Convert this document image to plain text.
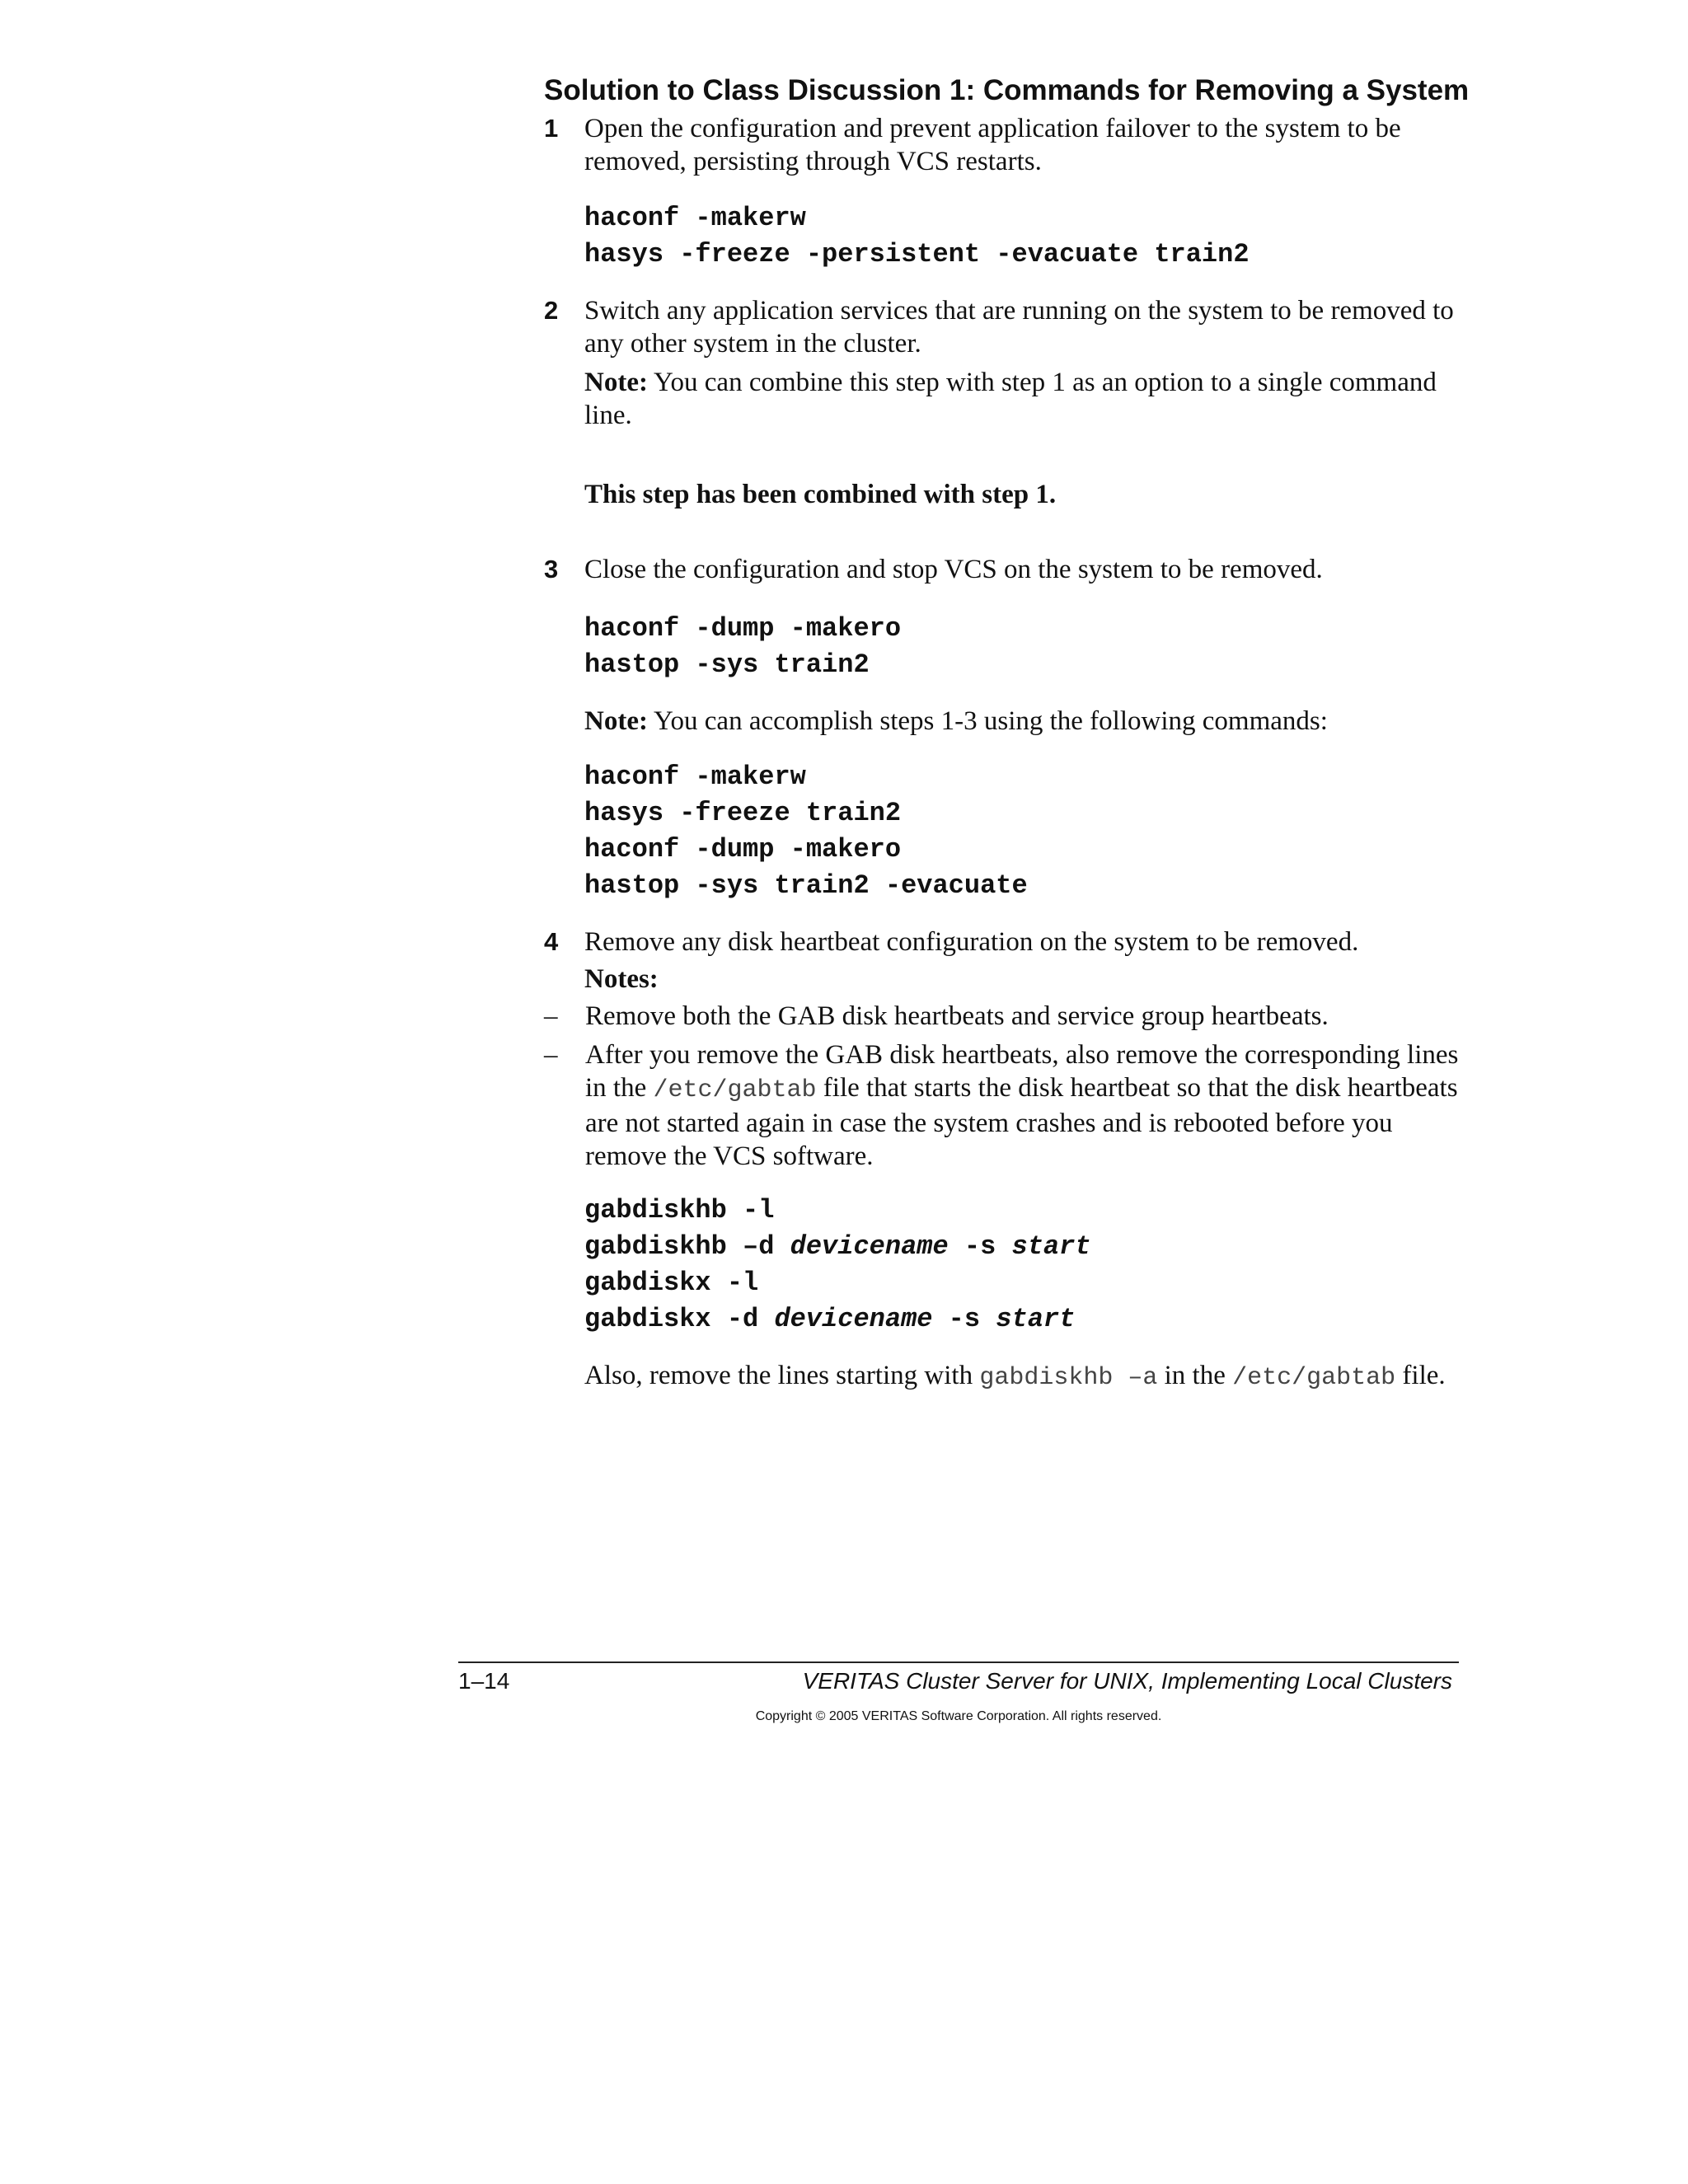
Solution to Class Discussion 1: Commands for Removing a System
1 Open the configuration and prevent application failover to the system to be removed, persisting through VCS restarts.

haconf -makerw
hasys -freeze -persistent -evacuate train2
2 Switch any application services that are running on the system to be removed to any other system in the cluster.

Note: You can combine this step with step 1 as an option to a single command line.

This step has been combined with step 1.

3 Close the configuration and stop VCS on the system to be removed.

haconf -dump -makero
hastop -sys train2

Note: You can accomplish steps 1-3 using the following commands:

haconf -makerw
hasys -freeze train2
haconf -dump -makero
hastop -sys train2 -evacuate
4 Remove any disk heartbeat configuration on the system to be removed.

Notes:

– Remove both the GAB disk heartbeats and service group heartbeats.
– After you remove the GAB disk heartbeats, also remove the corresponding lines in the /etc/gabtab file that starts the disk heartbeat so that the disk heartbeats are not started again in case the system crashes and is rebooted before you remove the VCS software.
gabdiskhb -l
gabdiskhb –d devicename -s start
gabdiskx -l
gabdiskx -d devicename -s start

Also, remove the lines starting with gabdiskhb –a in the /etc/gabtab file.

1–14	VERITAS Cluster Server for UNIX, Implementing Local Clusters
Copyright © 2005 VERITAS Software Corporation. All rights reserved.
